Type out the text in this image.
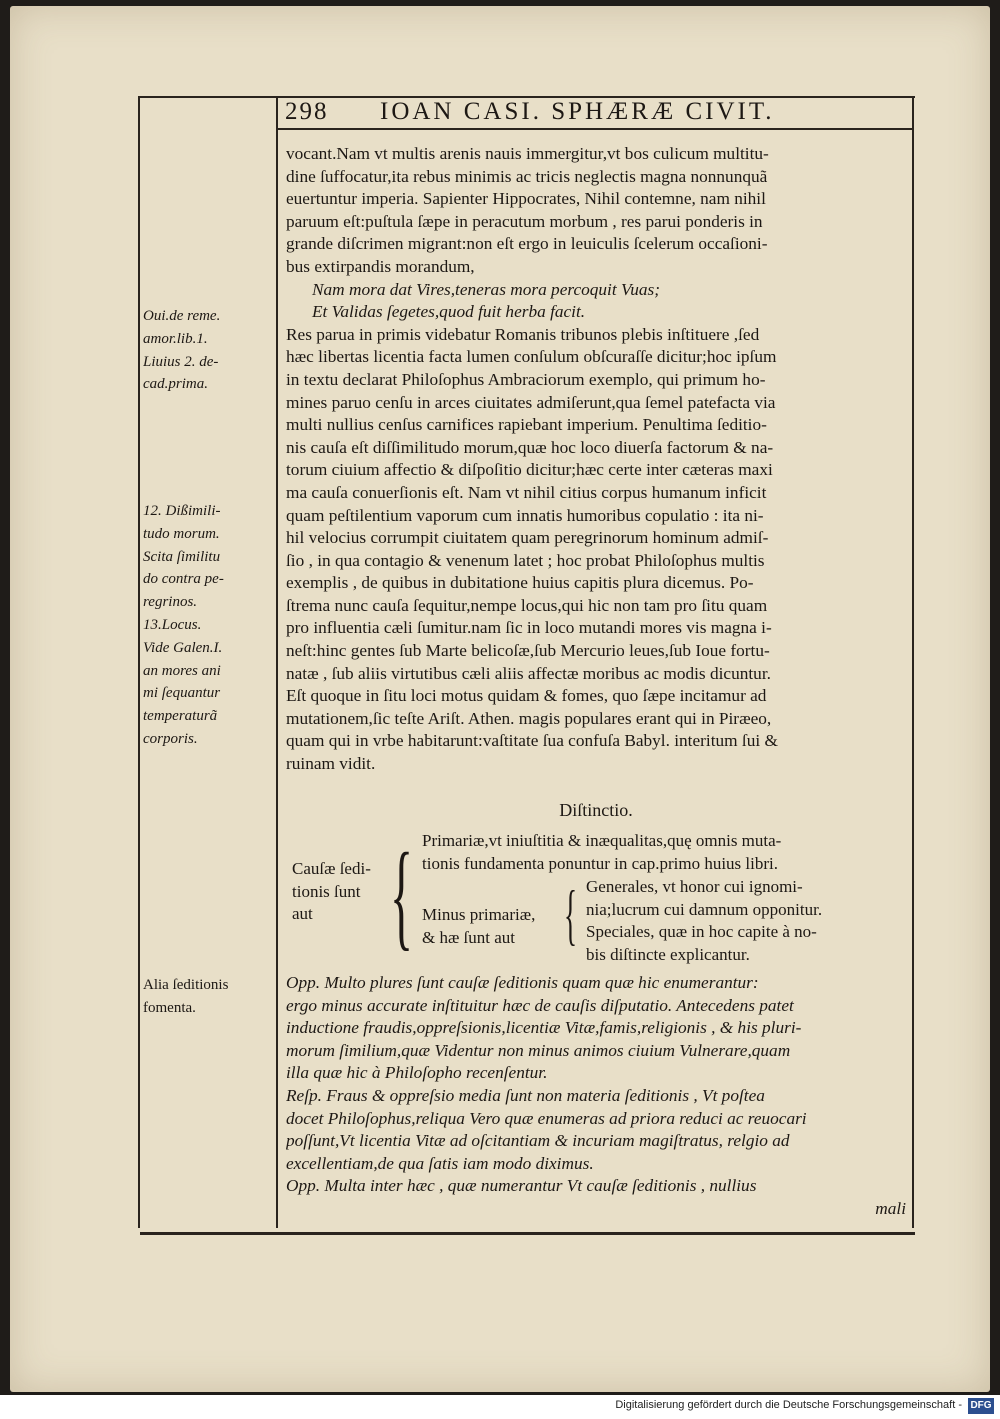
298 IOAN CASI. SPHÆRÆ CIVIT.
Oui.de reme.
amor.lib.1.
Liuius 2. de-
cad.prima.
12. Dißimili-
tudo morum.
Scita ſimilitu
do contra pe-
regrinos.
13.Locus.
Vide Galen.I.
an mores ani
mi ſequantur
temperaturã
corporis.
Alia ſeditionis
fomenta.
vocant.Nam vt multis arenis nauis immergitur,vt bos culicum multitu-
dine ſuffocatur,ita rebus minimis ac tricis neglectis magna nonnunquã
euertuntur imperia. Sapienter Hippocrates, Nihil contemne, nam nihil
paruum eſt:puſtula ſæpe in peracutum morbum , res parui ponderis in
grande diſcrimen migrant:non eſt ergo in leuiculis ſcelerum occaſioni-
bus extirpandis morandum,
Nam mora dat Vires,teneras mora percoquit Vuas;
Et Validas ſegetes,quod fuit herba facit.
Res parua in primis videbatur Romanis tribunos plebis inſtituere ,ſed
hæc libertas licentia facta lumen conſulum obſcuraſſe dicitur;hoc ipſum
in textu declarat Philoſophus Ambraciorum exemplo, qui primum ho-
mines paruo cenſu in arces ciuitates admiſerunt,qua ſemel patefacta via
multi nullius cenſus carnifices rapiebant imperium. Penultima ſeditio-
nis cauſa eſt diſſimilitudo morum,quæ hoc loco diuerſa factorum & na-
torum ciuium affectio & diſpoſitio dicitur;hæc certe inter cæteras maxi
ma cauſa conuerſionis eſt. Nam vt nihil citius corpus humanum inficit
quam peſtilentium vaporum cum innatis humoribus copulatio : ita ni-
hil velocius corrumpit ciuitatem quam peregrinorum hominum admiſ-
ſio , in qua contagio & venenum latet ; hoc probat Philoſophus multis
exemplis , de quibus in dubitatione huius capitis plura dicemus. Po-
ſtrema nunc cauſa ſequitur,nempe locus,qui hic non tam pro ſitu quam
pro influentia cæli ſumitur.nam ſic in loco mutandi mores vis magna i-
neſt:hinc gentes ſub Marte belicoſæ,ſub Mercurio leues,ſub Ioue fortu-
natæ , ſub aliis virtutibus cæli aliis affectæ moribus ac modis dicuntur.
Eſt quoque in ſitu loci motus quidam & fomes, quo ſæpe incitamur ad
mutationem,ſic teſte Ariſt. Athen. magis populares erant qui in Piræeo,
quam qui in vrbe habitarunt:vaſtitate ſua confuſa Babyl. interitum ſui &
ruinam vidit.
Diſtinctio.
Cauſæ ſedi-
tionis ſunt
aut { Primariæ,vt iniuſtitia & inæqualitas,quę omnis muta-
tionis fundamenta ponuntur in cap.primo huius libri.
Minus primariæ,
& hæ ſunt aut { Generales, vt honor cui ignomi-
nia;lucrum cui damnum opponitur.
Speciales, quæ in hoc capite à no-
bis diſtincte explicantur.
Opp. Multo plures ſunt cauſæ ſeditionis quam quæ hic enumerantur:
ergo minus accurate inſtituitur hæc de cauſis diſputatio. Antecedens patet
inductione fraudis,oppreſsionis,licentiæ Vitæ,famis,religionis , & his pluri-
morum ſimilium,quæ Videntur non minus animos ciuium Vulnerare,quam
illa quæ hic à Philoſopho recenſentur.
Reſp. Fraus & oppreſsio media ſunt non materia ſeditionis , Vt poſtea
docet Philoſophus,reliqua Vero quæ enumeras ad priora reduci ac reuocari
poſſunt,Vt licentia Vitæ ad oſcitantiam & incuriam magiſtratus, relgio ad
excellentiam,de qua ſatis iam modo diximus.
Opp. Multa inter hæc , quæ numerantur Vt cauſæ ſeditionis , nullius
mali
Digitalisierung gefördert durch die Deutsche Forschungsgemeinschaft - DFG
